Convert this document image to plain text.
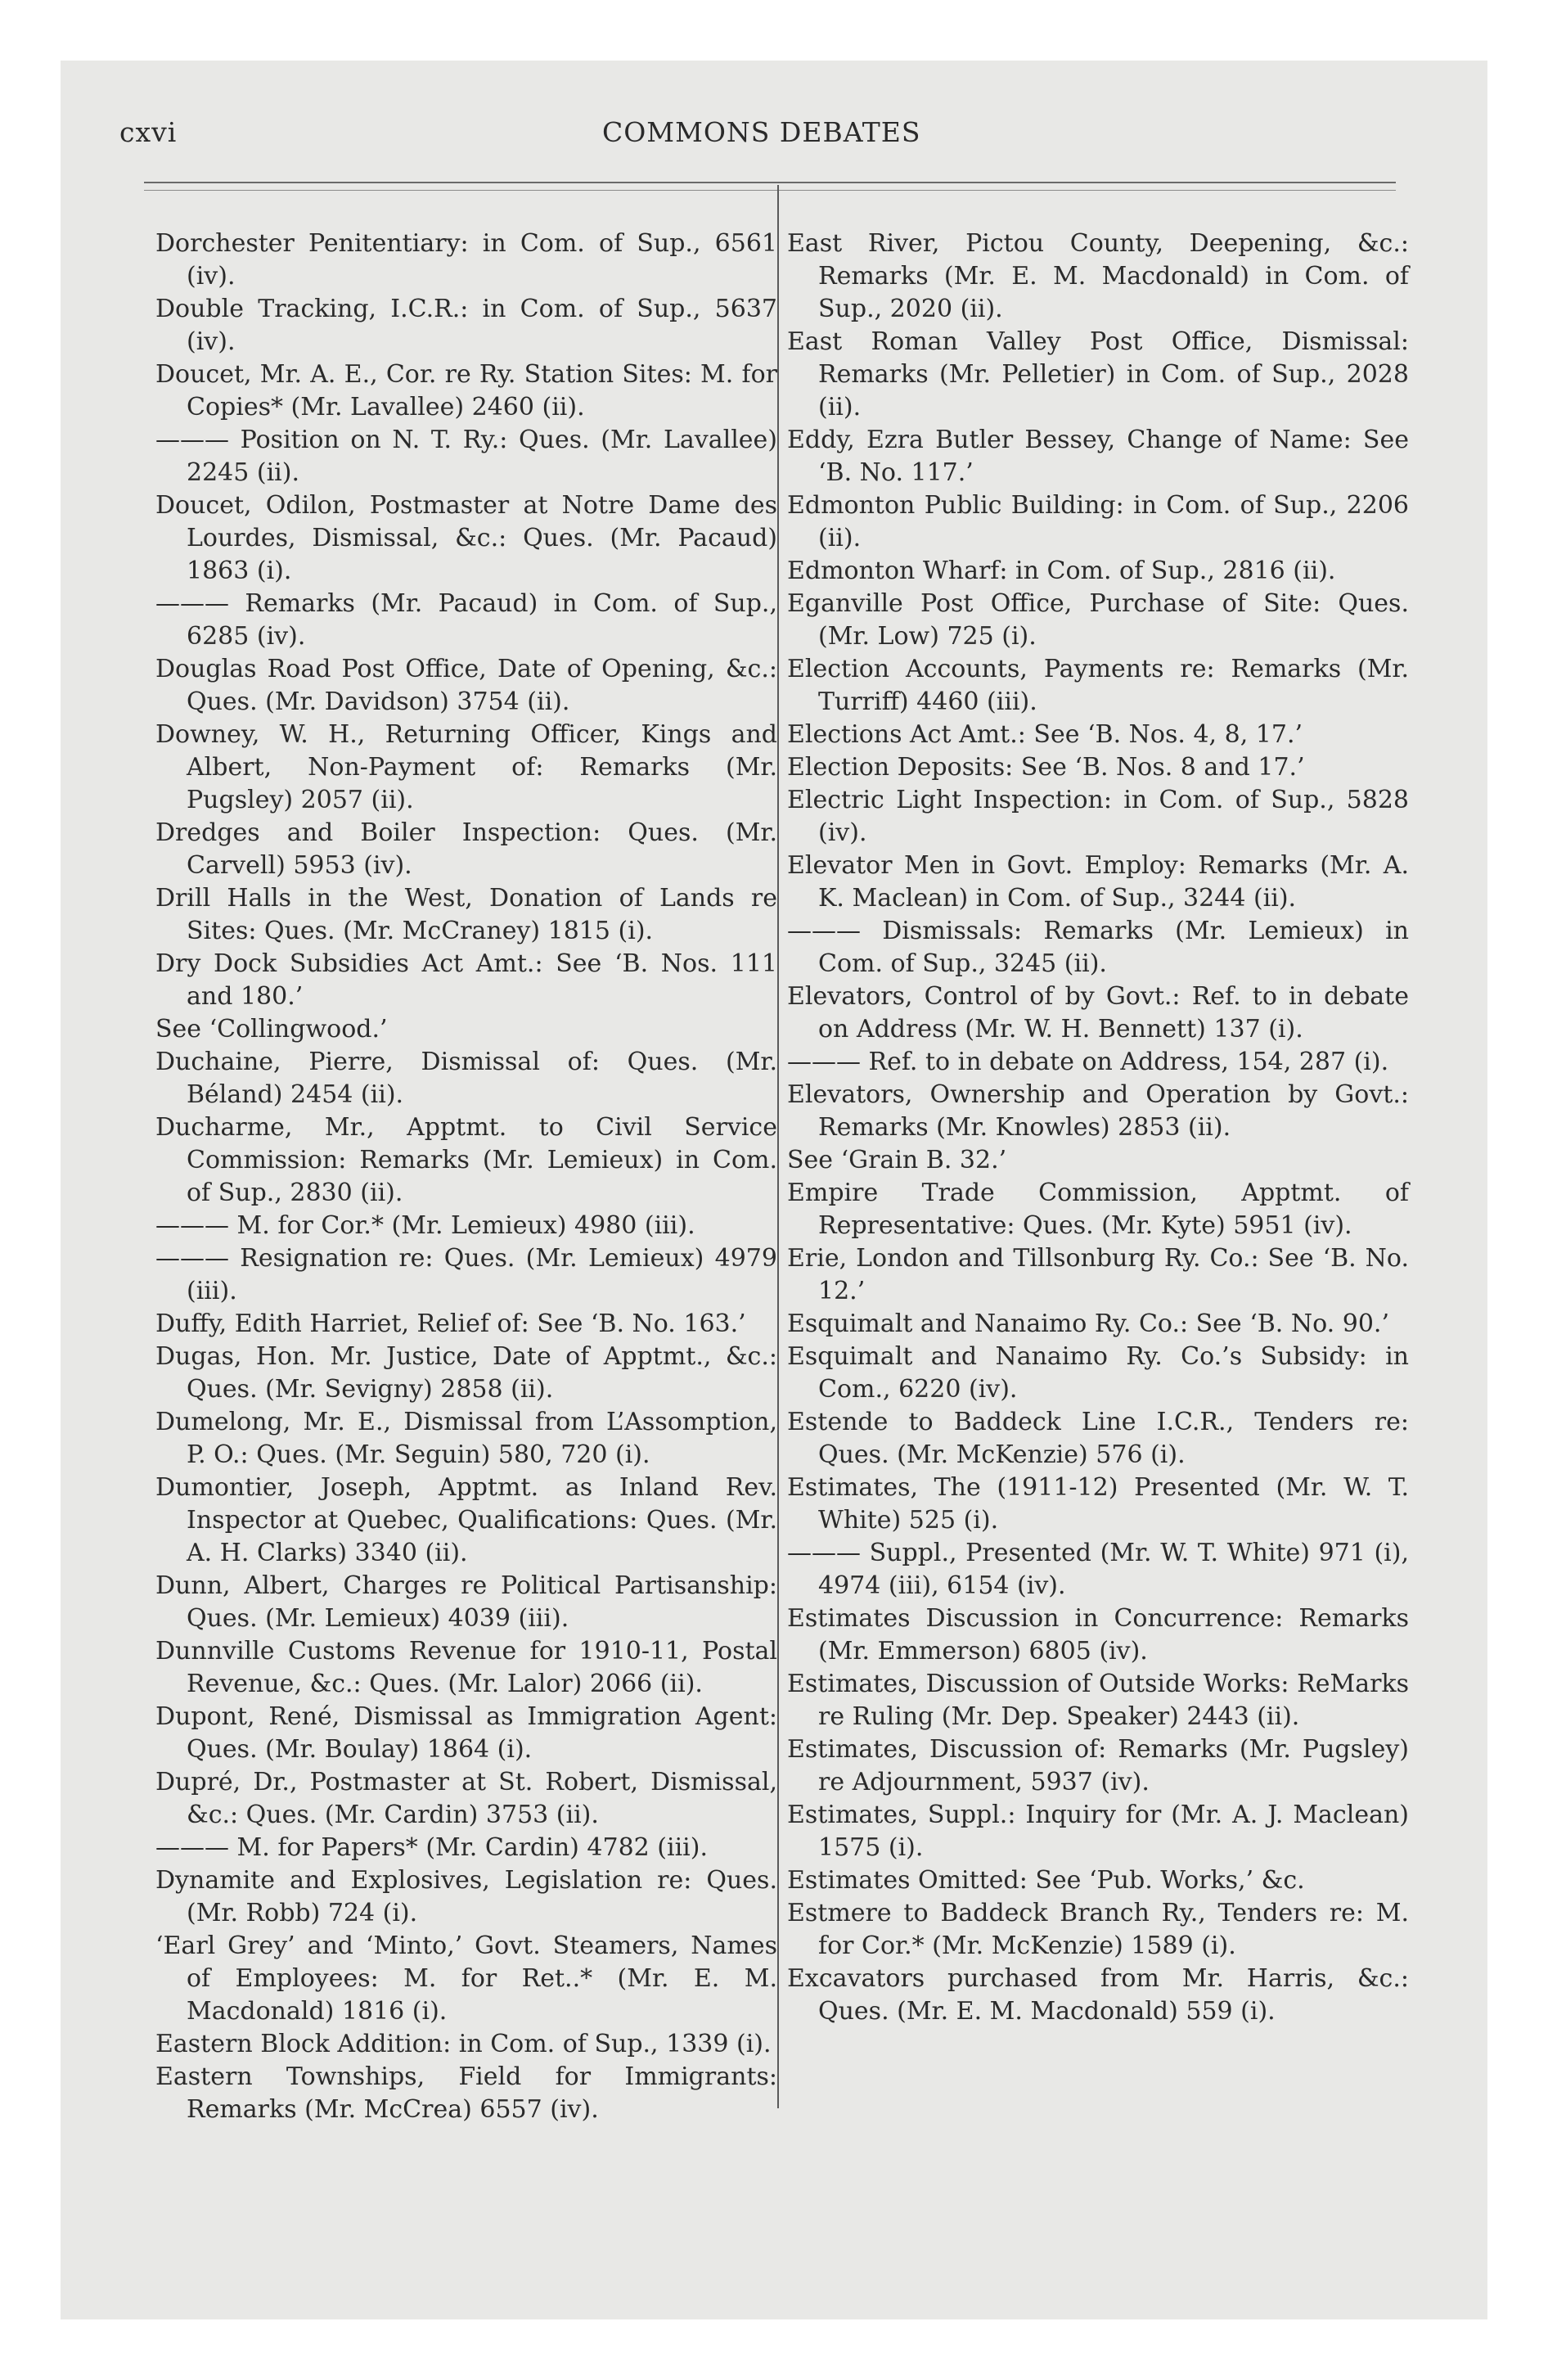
cxvi	COMMONS DEBATES

Dorchester Penitentiary: in Com. of Sup., 6561 (iv).

Double Tracking, I.C.R.: in Com. of Sup., 5637 (iv).

Doucet, Mr. A. E., Cor. re Ry. Station Sites: M. for Copies* (Mr. Lavallee) 2460 (ii).

——— Position on N. T. Ry.: Ques. (Mr. Lavallee) 2245 (ii).

Doucet, Odilon, Postmaster at Notre Dame des Lourdes, Dismissal, &c.: Ques. (Mr. Pacaud) 1863 (i).

——— Remarks (Mr. Pacaud) in Com. of Sup., 6285 (iv).

Douglas Road Post Office, Date of Opening, &c.: Ques. (Mr. Davidson) 3754 (ii).

Downey, W. H., Returning Officer, Kings and Albert, Non-Payment of: Remarks (Mr. Pugsley) 2057 (ii).

Dredges and Boiler Inspection: Ques. (Mr. Carvell) 5953 (iv).

Drill Halls in the West, Donation of Lands re Sites: Ques. (Mr. McCraney) 1815 (i).

Dry Dock Subsidies Act Amt.: See ‘B. Nos. 111 and 180.’

See ‘Collingwood.’

Duchaine, Pierre, Dismissal of: Ques. (Mr. Béland) 2454 (ii).

Ducharme, Mr., Apptmt. to Civil Service Commission: Remarks (Mr. Lemieux) in Com. of Sup., 2830 (ii).

——— M. for Cor.* (Mr. Lemieux) 4980 (iii).

——— Resignation re: Ques. (Mr. Lemieux) 4979 (iii).

Duffy, Edith Harriet, Relief of: See ‘B. No. 163.’

Dugas, Hon. Mr. Justice, Date of Apptmt., &c.: Ques. (Mr. Sevigny) 2858 (ii).

Dumelong, Mr. E., Dismissal from L’Assomption, P. O.: Ques. (Mr. Seguin) 580, 720 (i).

Dumontier, Joseph, Apptmt. as Inland Rev. Inspector at Quebec, Qualifications: Ques. (Mr. A. H. Clarks) 3340 (ii).

Dunn, Albert, Charges re Political Partisanship: Ques. (Mr. Lemieux) 4039 (iii).

Dunnville Customs Revenue for 1910-11, Postal Revenue, &c.: Ques. (Mr. Lalor) 2066 (ii).

Dupont, René, Dismissal as Immigration Agent: Ques. (Mr. Boulay) 1864 (i).

Dupré, Dr., Postmaster at St. Robert, Dismissal, &c.: Ques. (Mr. Cardin) 3753 (ii).

——— M. for Papers* (Mr. Cardin) 4782 (iii).

Dynamite and Explosives, Legislation re: Ques. (Mr. Robb) 724 (i).

‘Earl Grey’ and ‘Minto,’ Govt. Steamers, Names of Employees: M. for Ret..* (Mr. E. M. Macdonald) 1816 (i).

Eastern Block Addition: in Com. of Sup., 1339 (i).

Eastern Townships, Field for Immigrants: Remarks (Mr. McCrea) 6557 (iv).

East River, Pictou County, Deepening, &c.: Remarks (Mr. E. M. Macdonald) in Com. of Sup., 2020 (ii).

East Roman Valley Post Office, Dismissal: Remarks (Mr. Pelletier) in Com. of Sup., 2028 (ii).

Eddy, Ezra Butler Bessey, Change of Name: See ‘B. No. 117.’

Edmonton Public Building: in Com. of Sup., 2206 (ii).

Edmonton Wharf: in Com. of Sup., 2816 (ii).

Eganville Post Office, Purchase of Site: Ques. (Mr. Low) 725 (i).

Election Accounts, Payments re: Remarks (Mr. Turriff) 4460 (iii).

Elections Act Amt.: See ‘B. Nos. 4, 8, 17.’

Election Deposits: See ‘B. Nos. 8 and 17.’

Electric Light Inspection: in Com. of Sup., 5828 (iv).

Elevator Men in Govt. Employ: Remarks (Mr. A. K. Maclean) in Com. of Sup., 3244 (ii).

——— Dismissals: Remarks (Mr. Lemieux) in Com. of Sup., 3245 (ii).

Elevators, Control of by Govt.: Ref. to in debate on Address (Mr. W. H. Bennett) 137 (i).

——— Ref. to in debate on Address, 154, 287 (i).

Elevators, Ownership and Operation by Govt.: Remarks (Mr. Knowles) 2853 (ii).

See ‘Grain B. 32.’

Empire Trade Commission, Apptmt. of Representative: Ques. (Mr. Kyte) 5951 (iv).

Erie, London and Tillsonburg Ry. Co.: See ‘B. No. 12.’

Esquimalt and Nanaimo Ry. Co.: See ‘B. No. 90.’

Esquimalt and Nanaimo Ry. Co.’s Subsidy: in Com., 6220 (iv).

Estende to Baddeck Line I.C.R., Tenders re: Ques. (Mr. McKenzie) 576 (i).

Estimates, The (1911-12) Presented (Mr. W. T. White) 525 (i).

——— Suppl., Presented (Mr. W. T. White) 971 (i), 4974 (iii), 6154 (iv).

Estimates Discussion in Concurrence: Remarks (Mr. Emmerson) 6805 (iv).

Estimates, Discussion of Outside Works: ReMarks re Ruling (Mr. Dep. Speaker) 2443 (ii).

Estimates, Discussion of: Remarks (Mr. Pugsley) re Adjournment, 5937 (iv).

Estimates, Suppl.: Inquiry for (Mr. A. J. Maclean) 1575 (i).

Estimates Omitted: See ‘Pub. Works,’ &c.

Estmere to Baddeck Branch Ry., Tenders re: M. for Cor.* (Mr. McKenzie) 1589 (i).

Excavators purchased from Mr. Harris, &c.: Ques. (Mr. E. M. Macdonald) 559 (i).
